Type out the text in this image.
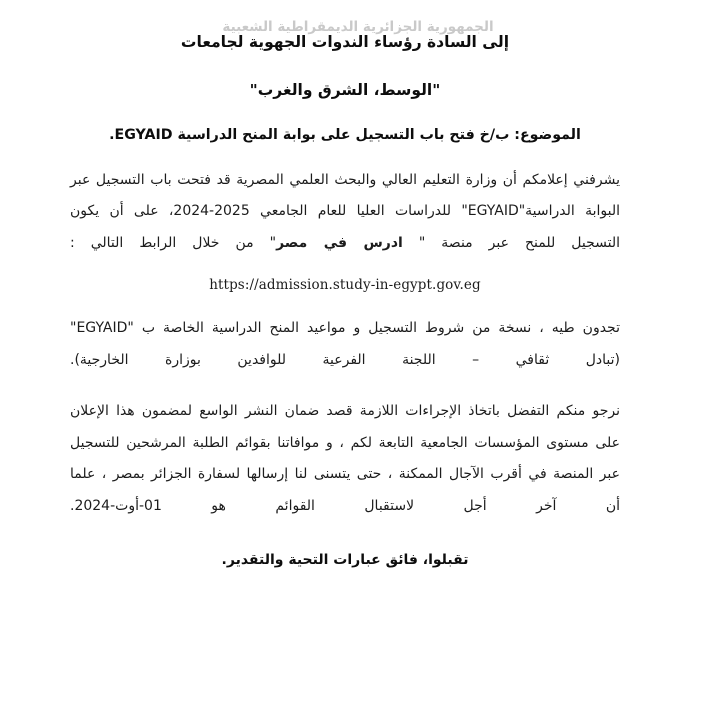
الجمهورية الجزائرية الديمقراطية الشعبية
إلى السادة رؤساء الندوات الجهوية لجامعات
"الوسط، الشرق والغرب"
الموضوع: ب/خ فتح باب التسجيل على بوابة المنح الدراسية EGYAID.
يشرفني إعلامكم أن وزارة التعليم العالي والبحث العلمي المصرية قد فتحت باب التسجيل عبر البوابة الدراسية"EGYAID" للدراسات العليا للعام الجامعي 2025-2024، على أن يكون التسجيل للمنح عبر منصة " ادرس في مصر" من خلال الرابط التالي :
https://admission.study-in-egypt.gov.eg
تجدون طيه ، نسخة من شروط التسجيل و مواعيد المنح الدراسية الخاصة ب "EGYAID" (تبادل ثقافي – اللجنة الفرعية للوافدين بوزارة الخارجية).
نرجو منكم التفضل باتخاذ الإجراءات اللازمة قصد ضمان النشر الواسع لمضمون هذا الإعلان على مستوى المؤسسات الجامعية التابعة لكم ، و موافاتنا بقوائم الطلبة المرشحين للتسجيل عبر المنصة في أقرب الآجال الممكنة ، حتى يتسنى لنا إرسالها لسفارة الجزائر بمصر ، علما أن آخر أجل لاستقبال القوائم هو 01-أوت-2024.
تقبلوا، فائق عبارات التحية والتقدير.
